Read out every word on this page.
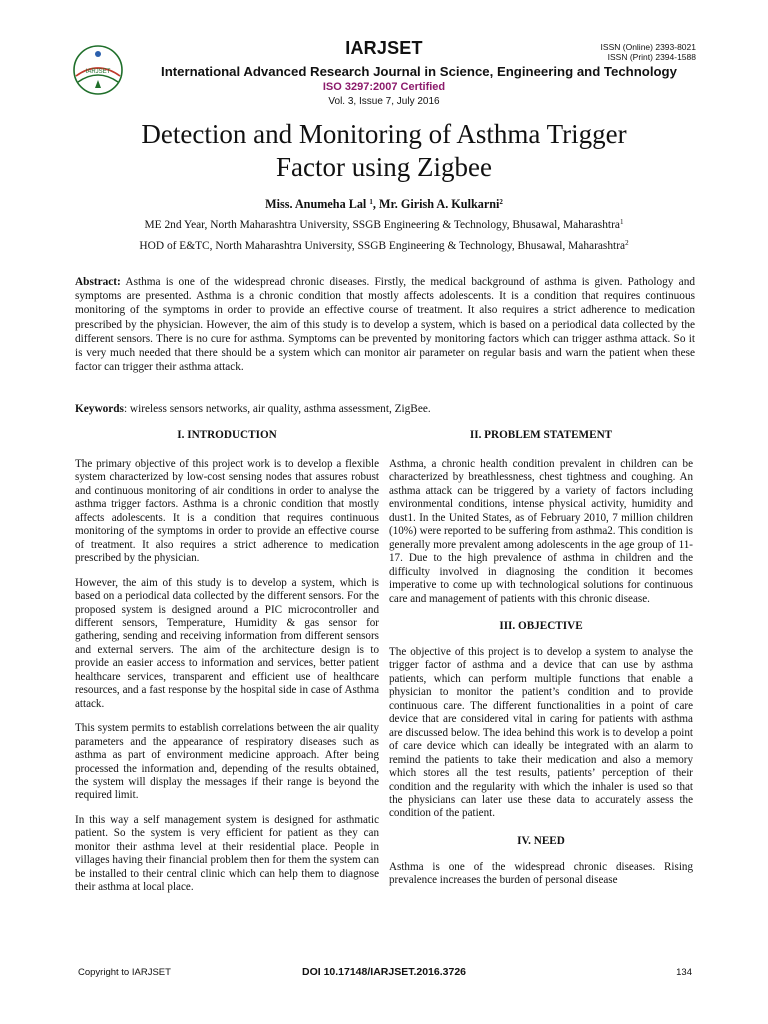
IARJSET
IARJSET	ISSN (Online) 2393-8021
ISSN (Print) 2394-1588
International Advanced Research Journal in Science, Engineering and Technology
ISO 3297:2007 Certified
Vol. 3, Issue 7, July 2016
Detection and Monitoring of Asthma Trigger
Factor using Zigbee
Miss. Anumeha Lal $^1$, Mr. Girish A. Kulkarni$^2$
ME 2nd Year, North Maharashtra University, SSGB Engineering & Technology, Bhusawal, Maharashtra$^1$
HOD of E&TC, North Maharashtra University, SSGB Engineering & Technology, Bhusawal, Maharashtra$^2$
Abstract: Asthma is one of the widespread chronic diseases. Firstly, the medical background of asthma is given. Pathology and symptoms are presented. Asthma is a chronic condition that mostly affects adolescents. It is a condition that requires continuous monitoring of the symptoms in order to provide an effective course of treatment. It also requires a strict adherence to medication prescribed by the physician. However, the aim of this study is to develop a system, which is based on a periodical data collected by the different sensors. There is no cure for asthma. Symptoms can be prevented by monitoring factors which can trigger asthma attack. So it is very much needed that there should be a system which can monitor air parameter on regular basis and warn the patient when these factor can trigger their asthma attack.
Keywords: wireless sensors networks, air quality, asthma assessment, ZigBee.
I. INTRODUCTION

The primary objective of this project work is to develop a flexible system characterized by low-cost sensing nodes that assures robust and continuous monitoring of air conditions in order to analyse the asthma trigger factors. Asthma is a chronic condition that mostly affects adolescents. It is a condition that requires continuous monitoring of the symptoms in order to provide an effective course of treatment. It also requires a strict adherence to medication prescribed by the physician.

However, the aim of this study is to develop a system, which is based on a periodical data collected by the different sensors. For the proposed system is designed around a PIC microcontroller and different sensors, Temperature, Humidity & gas sensor for gathering, sending and receiving information from different sensors and external servers. The aim of the architecture design is to provide an easier access to information and services, better patient healthcare services, transparent and efficient use of healthcare resources, and a fast response by the hospital side in case of Asthma attack.

This system permits to establish correlations between the air quality parameters and the appearance of respiratory diseases such as asthma as part of environment medicine approach. After being processed the information and, depending of the results obtained, the system will display the messages if their range is beyond the required limit.

In this way a self management system is designed for asthmatic patient. So the system is very efficient for patient as they can monitor their asthma level at their residential place. People in villages having their financial problem then for them the system can be installed to their central clinic which can help them to diagnose their asthma at local place.

II. PROBLEM STATEMENT

Asthma, a chronic health condition prevalent in children can be characterized by breathlessness, chest tightness and coughing. An asthma attack can be triggered by a variety of factors including environmental conditions, intense physical activity, humidity and dust1. In the United States, as of February 2010, 7 million children (10%) were reported to be suffering from asthma2. This condition is generally more prevalent among adolescents in the age group of 11-17. Due to the high prevalence of asthma in children and the difficulty involved in diagnosing the condition it becomes imperative to come up with technological solutions for continuous care and management of patients with this chronic disease.

III. OBJECTIVE

The objective of this project is to develop a system to analyse the trigger factor of asthma and a device that can use by asthma patients, which can perform multiple functions that enable a physician to monitor the patient’s condition and to provide continuous care. The different functionalities in a point of care device that are considered vital in caring for patients with asthma are discussed below. The idea behind this work is to develop a point of care device which can ideally be integrated with an alarm to remind the patients to take their medication and also a memory which stores all the test results, patients’ perception of their condition and the regularity with which the inhaler is used so that the physicians can later use these data to accurately assess the condition of the patient.

IV. NEED

Asthma is one of the widespread chronic diseases. Rising prevalence increases the burden of personal disease

Copyright to IARJSET	DOI 10.17148/IARJSET.2016.3726	134
